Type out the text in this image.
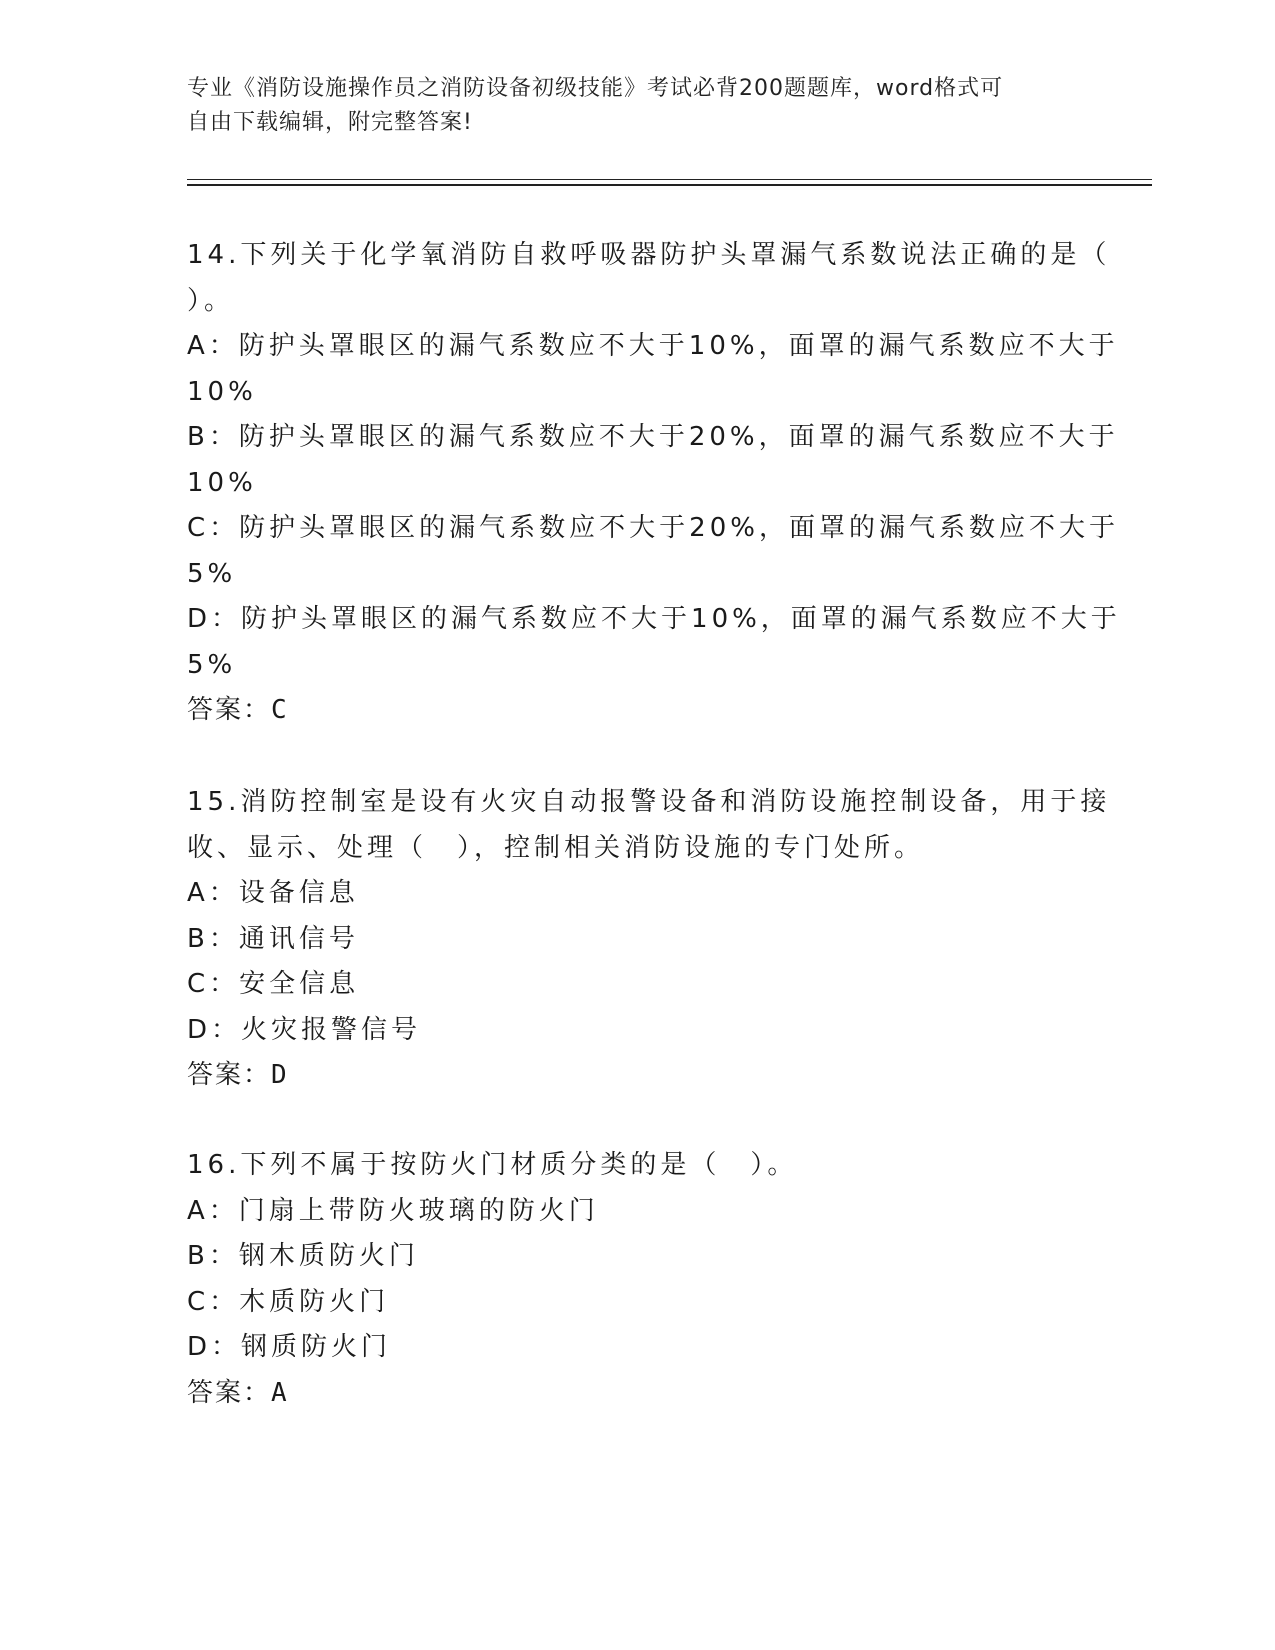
专业《消防设施操作员之消防设备初级技能》考试必背200题题库，word格式可
自由下载编辑，附完整答案!
14.下列关于化学氧消防自救呼吸器防护头罩漏气系数说法正确的是（
）。
A：防护头罩眼区的漏气系数应不大于10%，面罩的漏气系数应不大于
10%
B：防护头罩眼区的漏气系数应不大于20%，面罩的漏气系数应不大于
10%
C：防护头罩眼区的漏气系数应不大于20%，面罩的漏气系数应不大于
5%
D：防护头罩眼区的漏气系数应不大于10%，面罩的漏气系数应不大于
5%
答案：C
15.消防控制室是设有火灾自动报警设备和消防设施控制设备，用于接
收、显示、处理（　），控制相关消防设施的专门处所。
A：设备信息
B：通讯信号
C：安全信息
D：火灾报警信号
答案：D
16.下列不属于按防火门材质分类的是（　）。
A：门扇上带防火玻璃的防火门
B：钢木质防火门
C：木质防火门
D：钢质防火门
答案：A
